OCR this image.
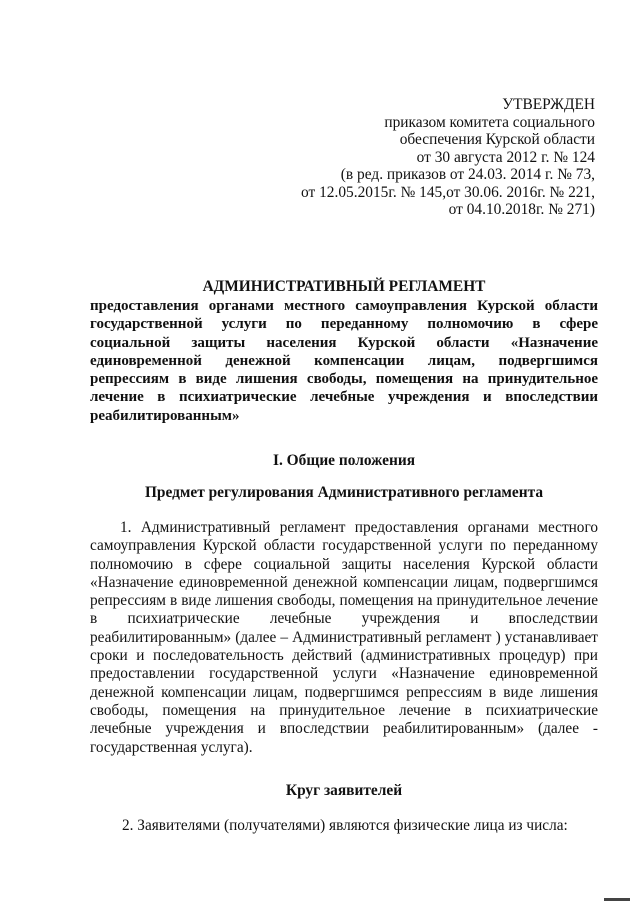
УТВЕРЖДЕН
приказом комитета социального
обеспечения Курской области
от 30 августа 2012 г. № 124
(в ред. приказов от 24.03. 2014 г. № 73,
от 12.05.2015г. № 145,от 30.06. 2016г. № 221,
от 04.10.2018г. № 271)
АДМИНИСТРАТИВНЫЙ РЕГЛАМЕНТ
предоставления органами местного самоуправления Курской области
государственной услуги по переданному полномочию в сфере
социальной защиты населения Курской области «Назначение
единовременной денежной компенсации лицам, подвергшимся
репрессиям в виде лишения свободы, помещения на принудительное
лечение в психиатрические лечебные учреждения и впоследствии
реабилитированным»
I. Общие положения
Предмет регулирования Административного регламента
1. Административный регламент предоставления органами местного
самоуправления Курской области государственной услуги по переданному
полномочию в сфере социальной защиты населения Курской области
«Назначение единовременной денежной компенсации лицам, подвергшимся
репрессиям в виде лишения свободы, помещения на принудительное лечение
в психиатрические лечебные учреждения и впоследствии
реабилитированным» (далее – Административный регламент ) устанавливает
сроки и последовательность действий (административных процедур) при
предоставлении государственной услуги «Назначение единовременной
денежной компенсации лицам, подвергшимся репрессиям в виде лишения
свободы, помещения на принудительное лечение в психиатрические
лечебные учреждения и впоследствии реабилитированным» (далее -
государственная услуга).
Круг заявителей
2. Заявителями (получателями) являются физические лица из числа:
